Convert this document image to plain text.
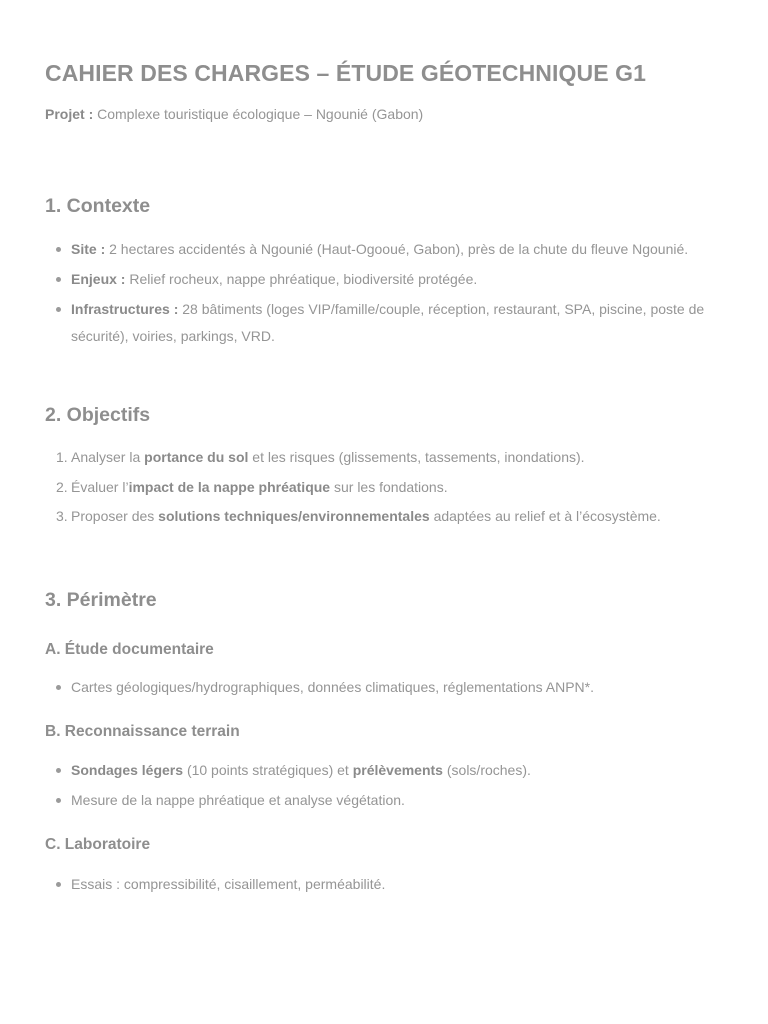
CAHIER DES CHARGES – ÉTUDE GÉOTECHNIQUE G1

Projet : Complexe touristique écologique – Ngounié (Gabon)

1. Contexte
Site : 2 hectares accidentés à Ngounié (Haut-Ogooué, Gabon), près de la chute du fleuve Ngounié.
Enjeux : Relief rocheux, nappe phréatique, biodiversité protégée.
Infrastructures : 28 bâtiments (loges VIP/famille/couple, réception, restaurant, SPA, piscine, poste de sécurité), voiries, parkings, VRD.
2. Objectifs
1. Analyser la portance du sol et les risques (glissements, tassements, inondations).
2. Évaluer l’impact de la nappe phréatique sur les fondations.
3. Proposer des solutions techniques/environnementales adaptées au relief et à l’écosystème.
3. Périmètre
A. Étude documentaire
Cartes géologiques/hydrographiques, données climatiques, réglementations ANPN*.
B. Reconnaissance terrain
Sondages légers (10 points stratégiques) et prélèvements (sols/roches).
Mesure de la nappe phréatique et analyse végétation.
C. Laboratoire
Essais : compressibilité, cisaillement, perméabilité.
